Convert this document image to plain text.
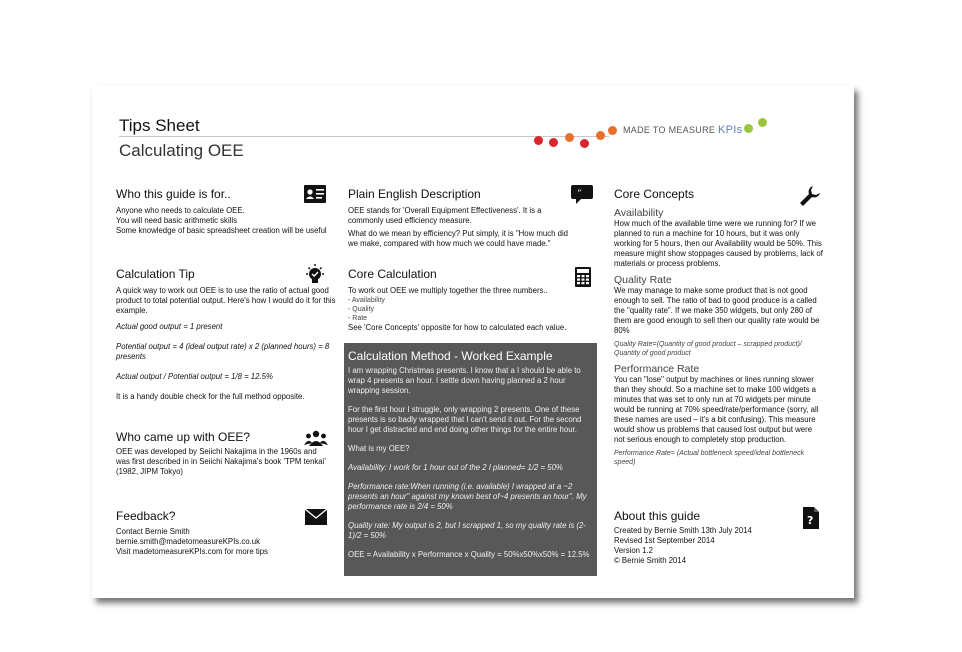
Tips Sheet
Calculating OEE
MADE TO MEASURE KPIs
Who this guide is for..

Anyone who needs to calculate OEE.

You will need basic arithmetic skills

Some knowledge of basic spreadsheet creation will be useful

Calculation Tip

A quick way to work out OEE is to use the ratio of actual good product to total potential output. Here's how I would do it for this example.

Actual good output = 1 present

Potential output = 4 (ideal output rate) x 2 (planned hours) = 8 presents

Actual output / Potential output = 1/8 = 12.5%

It is a handy double check for the full method opposite.

Who came up with OEE?
OEE was developed by Seiichi Nakajima in the 1960s and was first described in in Seiichi Nakajima's book 'TPM tenkai' (1982, JIPM Tokyo)
Feedback?

Contact Bernie Smith

bernie.smith@madetomeasureKPIs.co.uk

Visit madetomeasureKPIs.com for more tips

Plain English Description	“

OEE stands for 'Overall Equipment Effectiveness'. It is a commonly used efficiency measure.

What do we mean by efficiency? Put simply, it is "How much did we make, compared with how much we could have made."

Core Calculation

To work out OEE we multiply together the three numbers..

- Availability

- Quality

- Rate

See 'Core Concepts' opposite for how to calculated each value.

Calculation Method - Worked Example

I am wrapping Christmas presents. I know that a I should be able to wrap 4 presents an hour. I settle down having planned a 2 hour wrapping session.

For the first hour I struggle, only wrapping 2 presents. One of these presents is so badly wrapped that I can't send it out. For the second hour I get distracted and end doing other things for the entire hour.

What is my OEE?

Availability: I work for 1 hour out of the 2 I planned= 1/2 = 50%

Performance rate:When running (i.e. available) I wrapped at a ~2 presents an hour" against my known best of~4 presents an hour". My performance rate is 2/4 = 50%

Quality rate: My output is 2, but I scrapped 1, so my quality rate is (2-1)/2 = 50%

OEE = Availability x Performance x Quality = 50%x50%x50% = 12.5%

Core Concepts
Availability
How much of the available time were we running for? If we planned to run a machine for 10 hours, but it was only working for 5 hours, then our Availability would be 50%. This measure might show stoppages caused by problems, lack of materials or process problems.
Quality Rate
We may manage to make some product that is not good enough to sell. The ratio of bad to good produce is a called the "quality rate". If we make 350 widgets, but only 280 of them are good enough to sell then our quality rate would be 80%
Quality Rate=(Quantity of good product – scrapped product)/ Quantity of good product
Performance Rate
You can "lose" output by machines or lines running slower than they should. So a machine set to make 100 widgets a minutes that was set to only run at 70 widgets per minute would be running at 70% speed/rate/performance (sorry, all these names are used – it's a bit confusing). This measure would show us problems that caused lost output but were not serious enough to completely stop production.
Performance Rate= (Actual bottleneck speed/ideal bottleneck speed)
About this guide	?

Created by Bernie Smith 13th July 2014

Revised 1st September 2014

Version 1.2

© Bernie Smith 2014
